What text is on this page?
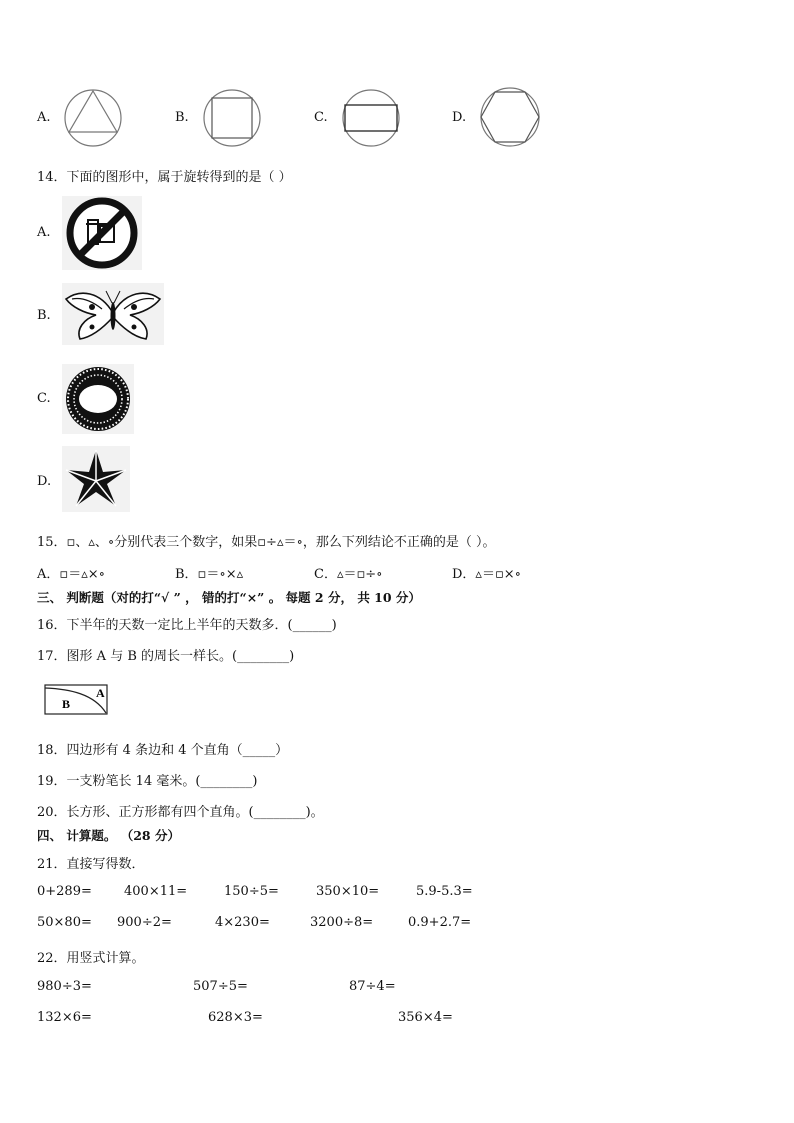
A.	B.	C.	D.
14．下面的图形中，属于旋转得到的是（ ）
A.
B.
C.
D.
15．▫、▵、∘分别代表三个数字，如果▫÷▵＝∘，那么下列结论不正确的是（ ）。
A．▫＝▵×∘	B．▫＝∘×▵	C．▵＝▫÷∘	D．▵＝▫×∘
三、 判断题（对的打“√ ” ， 错的打“×” 。 每题 2 分， 共 10 分）
16．下半年的天数一定比上半年的天数多．(______)
17．图形 A 与 B 的周长一样长。(________)
A
B
18．四边形有 4 条边和 4 个直角（_____）
19．一支粉笔长 14 毫米。(________)
20．长方形、正方形都有四个直角。(________)。
四、 计算题。 （28 分）
21．直接写得数．
0+289= 400×11=	150÷5=	350×10=	5.9-5.3=
50×80= 900÷2=	4×230=	3200÷8=	0.9+2.7=
22．用竖式计算。
980÷3=	507÷5=	87÷4=
132×6=	628×3=	356×4=
